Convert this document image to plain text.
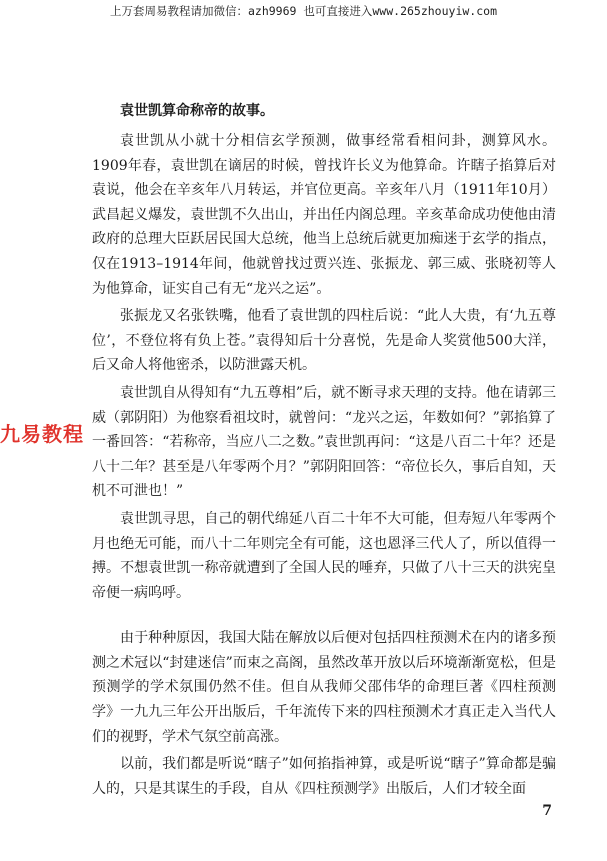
上万套周易教程请加微信：azh9969 也可直接进入www.265zhouyiw.com
九易教程
袁世凯算命称帝的故事。

袁世凯从小就十分相信玄学预测，做事经常看相问卦，测算风水。1909年春，袁世凯在谪居的时候，曾找许长义为他算命。许瞎子掐算后对袁说，他会在辛亥年八月转运，并官位更高。辛亥年八月（1911年10月）武昌起义爆发，袁世凯不久出山，并出任内阁总理。辛亥革命成功使他由清政府的总理大臣跃居民国大总统，他当上总统后就更加痴迷于玄学的指点，仅在1913–1914年间，他就曾找过贾兴连、张振龙、郭三威、张晓初等人为他算命，证实自己有无“龙兴之运”。

张振龙又名张铁嘴，他看了袁世凯的四柱后说：“此人大贵，有‘九五尊位’，不登位将有负上苍。”袁得知后十分喜悦，先是命人奖赏他500大洋，后又命人将他密杀，以防泄露天机。

袁世凯自从得知有“九五尊相”后，就不断寻求天理的支持。他在请郭三威（郭阴阳）为他察看祖坟时，就曾问：“龙兴之运，年数如何？”郭掐算了一番回答：“若称帝，当应八二之数。”袁世凯再问：“这是八百二十年？还是八十二年？甚至是八年零两个月？”郭阴阳回答：“帝位长久，事后自知，天机不可泄也！”

袁世凯寻思，自己的朝代绵延八百二十年不大可能，但寿短八年零两个月也绝无可能，而八十二年则完全有可能，这也恩泽三代人了，所以值得一搏。不想袁世凯一称帝就遭到了全国人民的唾弃，只做了八十三天的洪宪皇帝便一病呜呼。

由于种种原因，我国大陆在解放以后便对包括四柱预测术在内的诸多预测之术冠以“封建迷信”而束之高阁，虽然改革开放以后环境渐渐宽松，但是预测学的学术氛围仍然不佳。但自从我师父邵伟华的命理巨著《四柱预测学》一九九三年公开出版后，千年流传下来的四柱预测术才真正走入当代人们的视野，学术气氛空前高涨。

以前，我们都是听说“瞎子”如何掐指神算，或是听说“瞎子”算命都是骗人的，只是其谋生的手段，自从《四柱预测学》出版后，人们才较全面

7
